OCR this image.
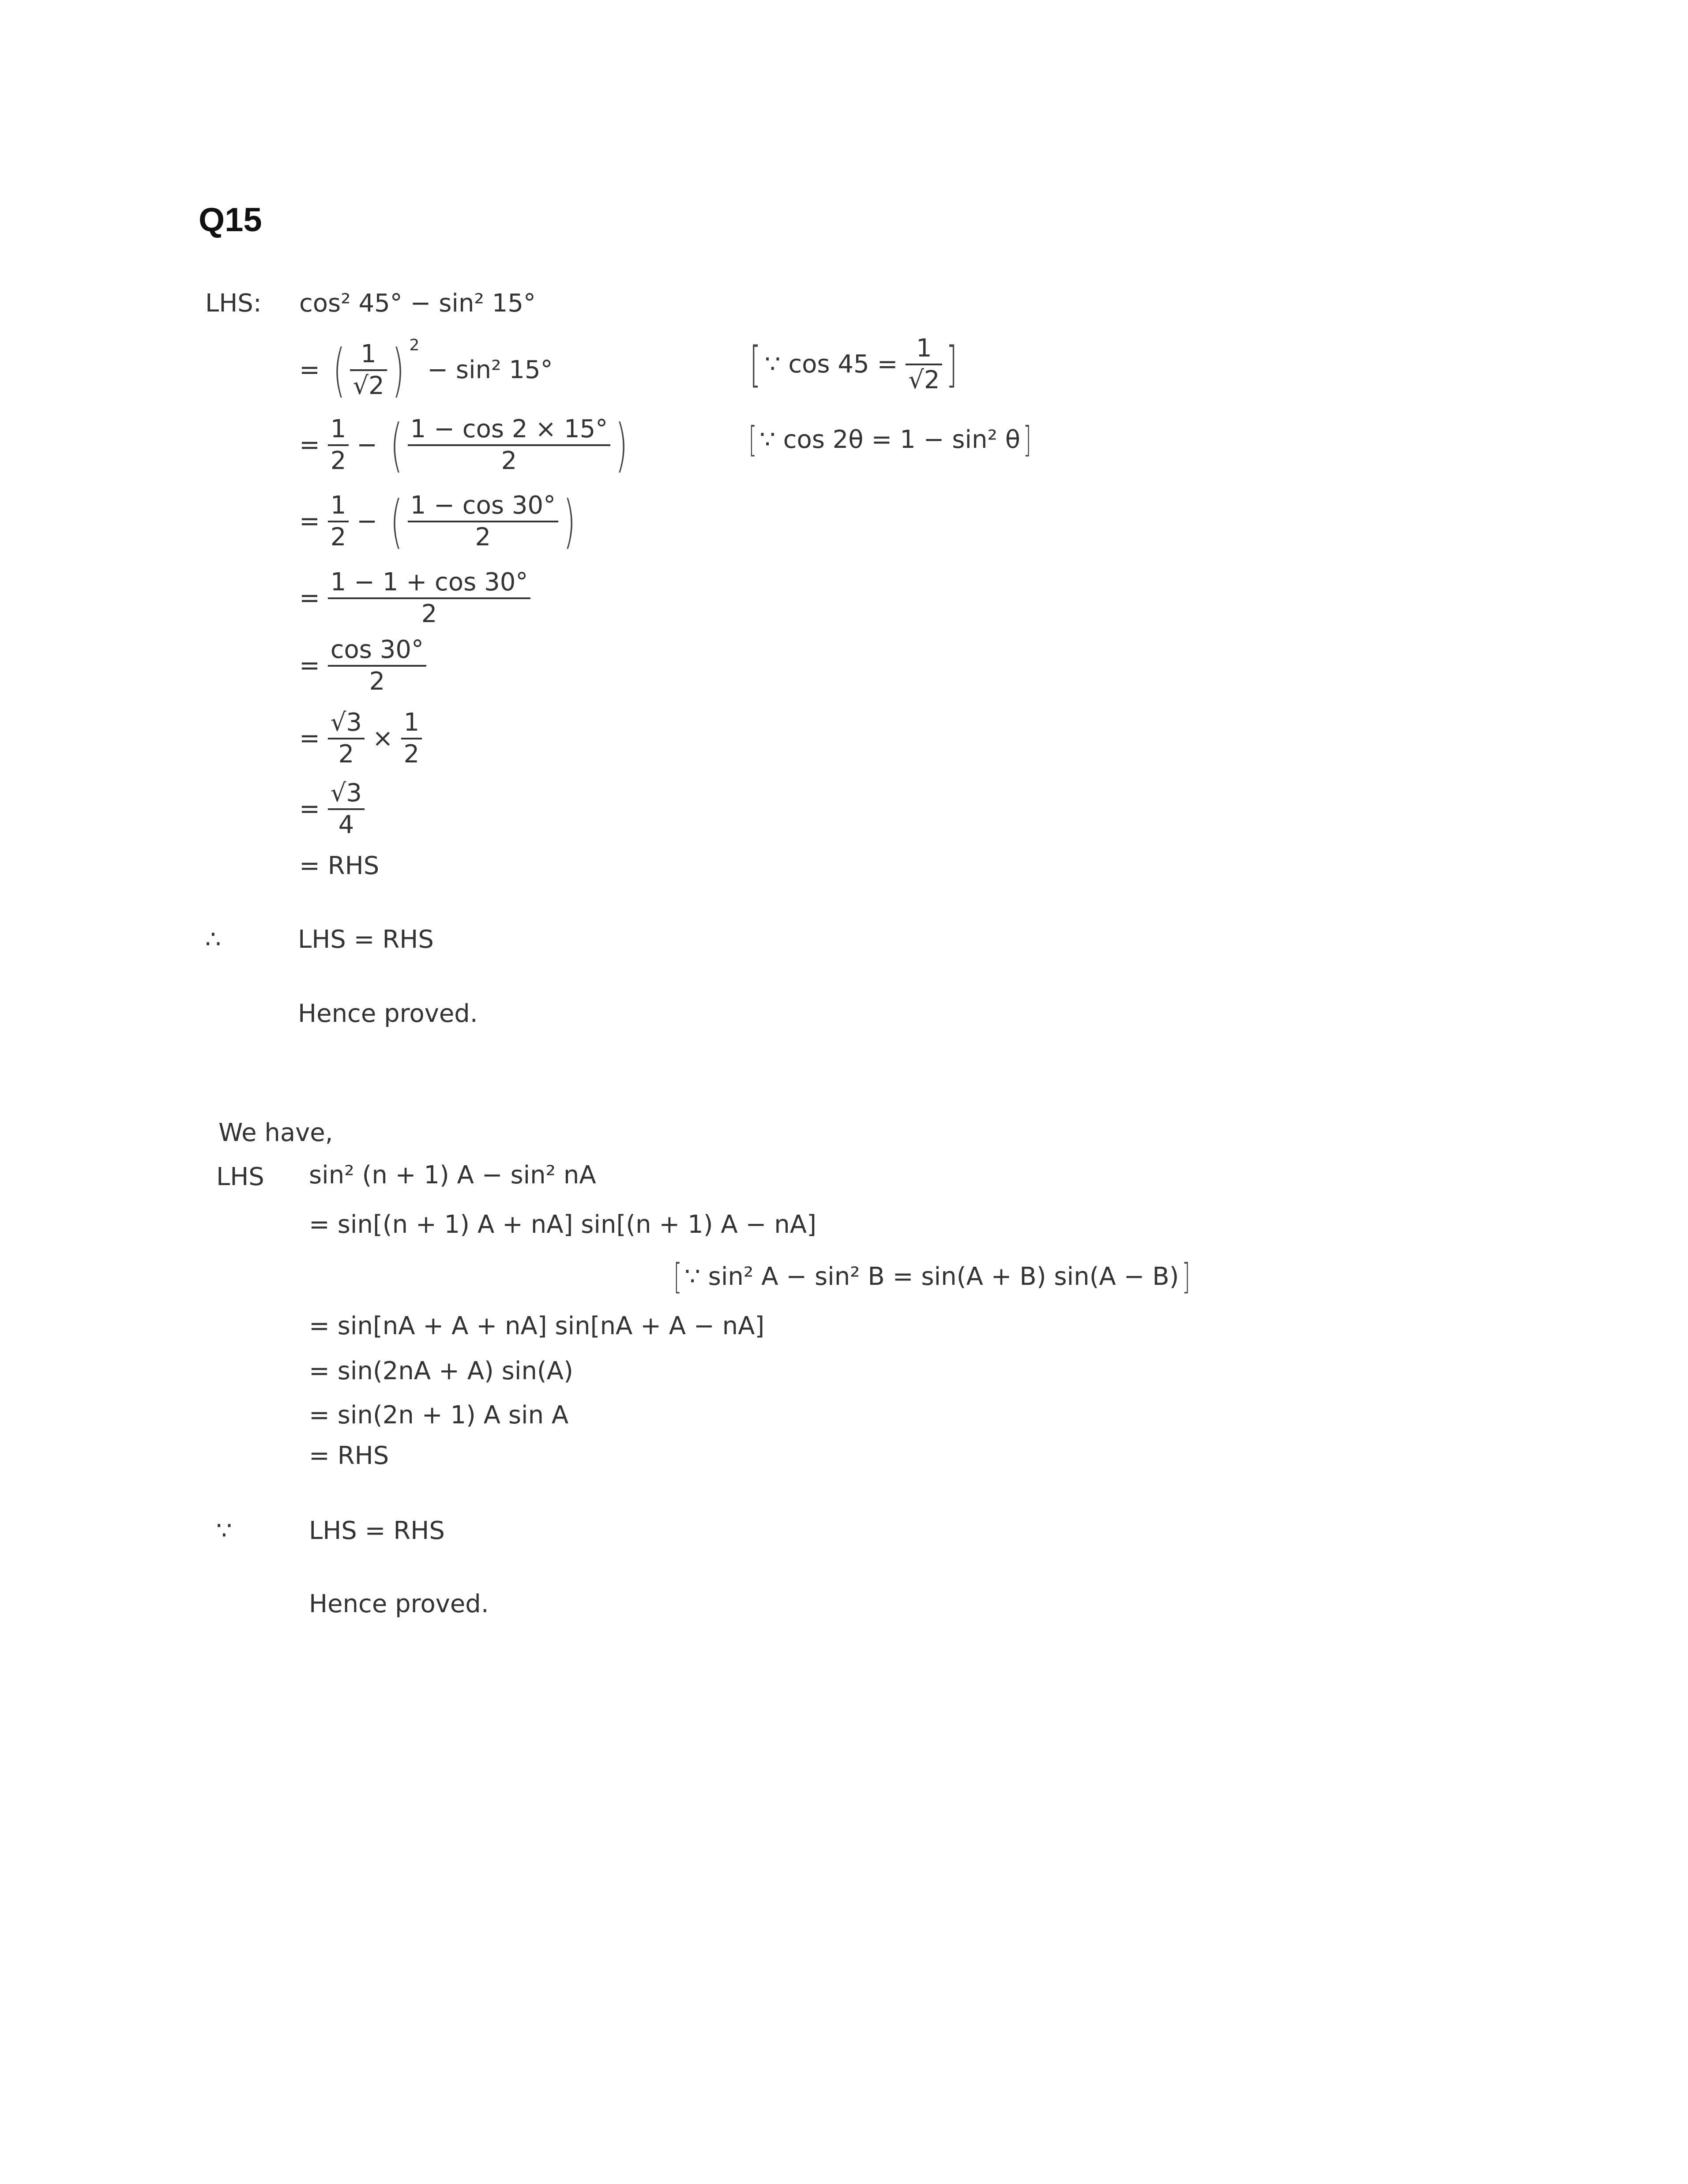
Q15
LHS: cos² 45° − sin² 15°
= ( $\frac{1}{√2}$ ) $^2$ − sin² 15°	[ ∵ $\cos 45 = \frac{1}{√2}$ ]
= $\frac{1}{2}$ − ( $\frac{1 - \cos 2 \times 15^\circ}{2}$ )	[ ∵ cos 2θ = 1 − sin² θ]
= $\frac{1}{2}$ − ( $\frac{1 - \cos 30^\circ}{2}$ )
= $\frac{1 - 1 + \cos 30^\circ}{2}$
= $\frac{\cos 30^\circ}{2}$
= $\frac{√3}{2} \times \frac{1}{2}$
= $\frac{√3}{4}$
= RHS
∴	LHS = RHS
Hence proved.
We have,
LHS sin² (n + 1) A − sin² nA
= sin[(n + 1) A + nA] sin[(n + 1) A − nA]
[ ∵ sin² A − sin² B = sin(A + B) sin(A − B)]
= sin[nA + A + nA] sin[nA + A − nA]
= sin(2nA + A) sin(A)
= sin(2n + 1) A sin A
= RHS
∵	LHS = RHS
Hence proved.
